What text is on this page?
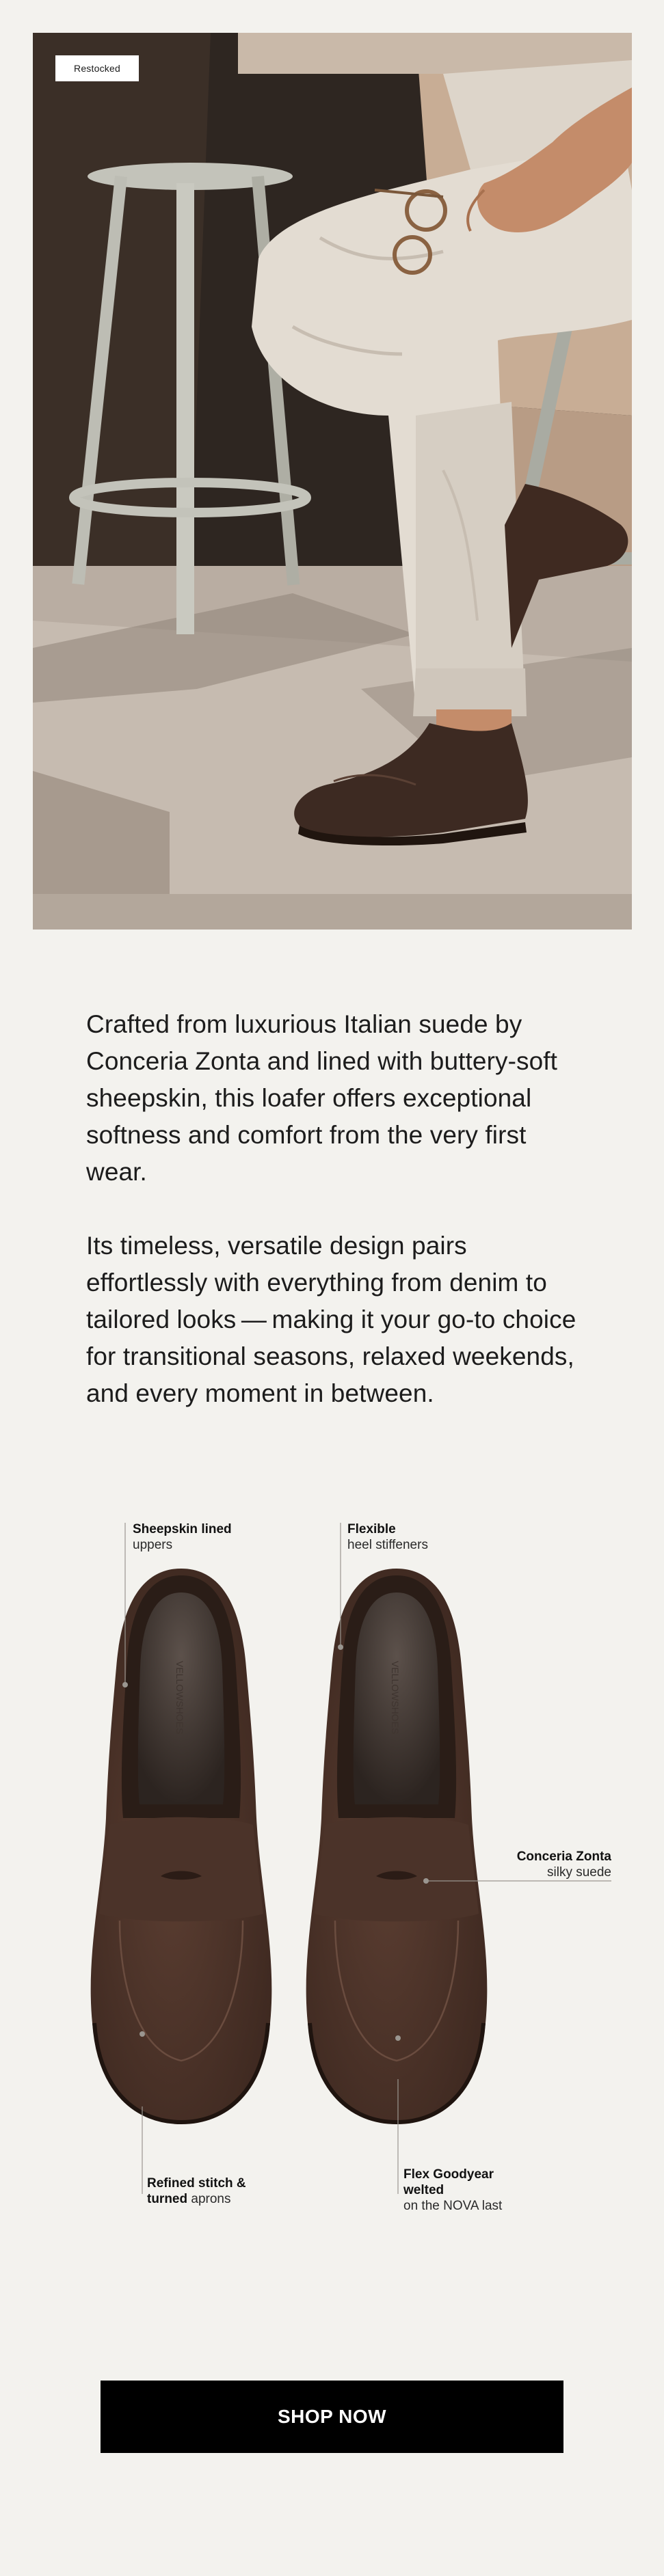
Restocked

Crafted from luxurious Italian suede by Conceria Zonta and lined with buttery-soft sheepskin, this loafer offers exceptional softness and comfort from the very first wear.

Its timeless, versatile design pairs effortlessly with everything from denim to tailored looks — making it your go-to choice for transitional seasons, relaxed weekends, and every moment in between.

VELLOWSHOES	VELLOWSHOES
Sheepskin lined
uppers
Flexible
heel stiffeners
Conceria Zonta
silky suede
Refined stitch & turned aprons
Flex Goodyear welted
on the NOVA last
SHOP NOW
